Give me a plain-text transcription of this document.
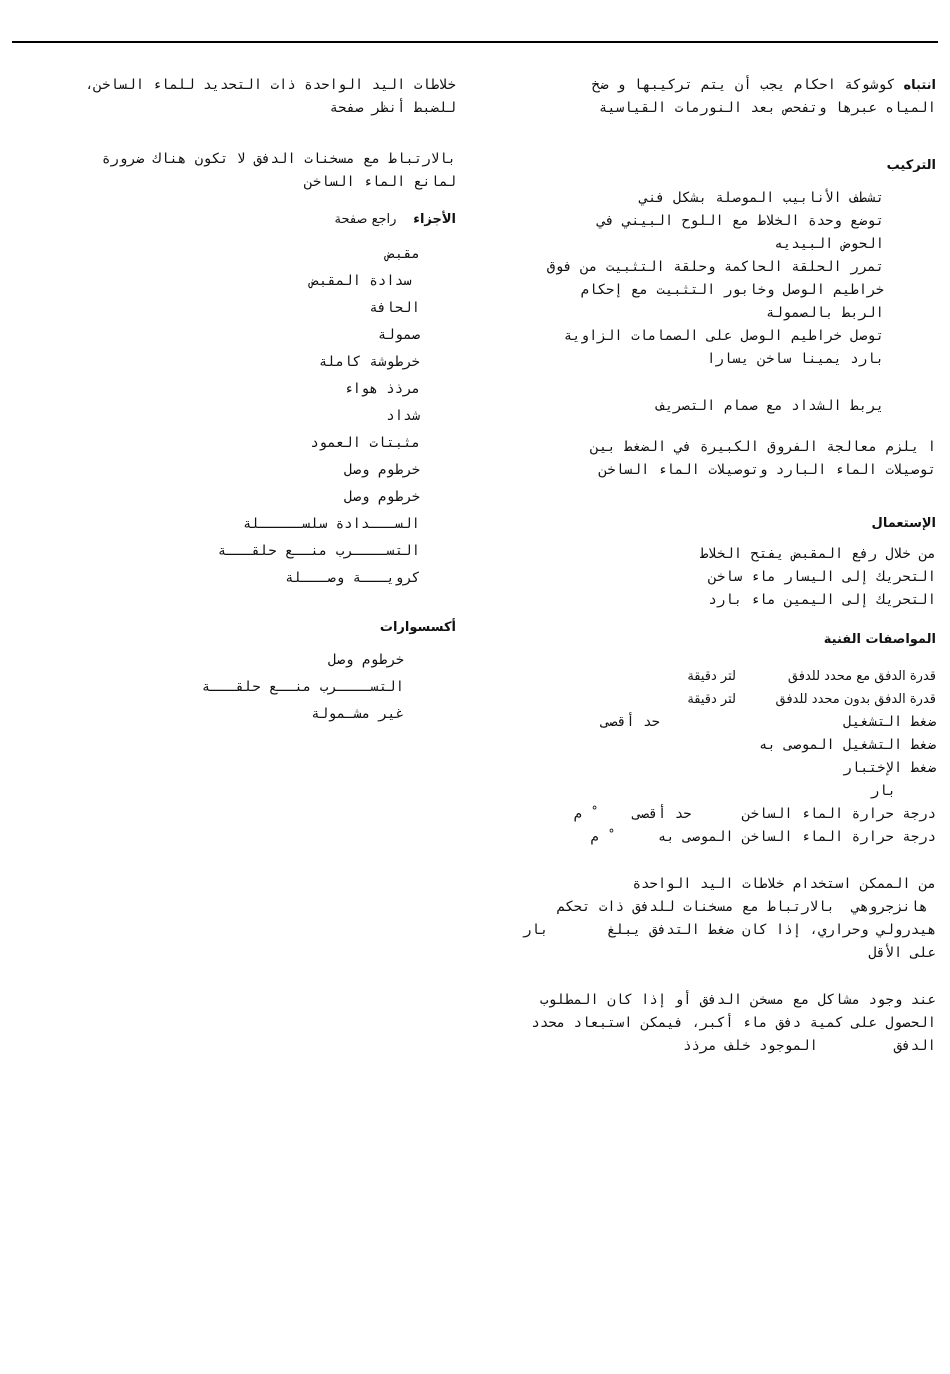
انتباه كوشوكة احكام يجب أن يتم تركيبها و ضخ

المياه عبرها وتفحص بعد النورمات القياسية

التركيب

تشطف الأنابيب الموصلة بشكل فني

توضع وحدة الخلاط مع اللوح البيني في

الحوض البيديه

تمرر الحلقة الحاكمة وحلقة التثبيت من فوق

خراطيم الوصل وخابور التثبيت مع إحكام

الربط بالصمولة

توصل خراطيم الوصل على الصمامات الزاوية

بارد يمينا ساخن يسارا

يربط الشداد مع صمام التصريف

ا يلزم معالجة الفروق الكبيرة في الضغط بين

توصيلات الماء البارد وتوصيلات الماء الساخن

الإستعمال

من خلال رفع المقبض يفتح الخلاط

التحريك إلى اليسار ماء ساخن

التحريك إلى اليمين ماء بارد

المواصفات الفنية

قدرة الدفق مع محدد للدفق
لتر دقيقة
قدرة الدفق بدون محدد للدفق
لتر دقيقة
ضغط التشغيل
حد أقصى

ضغط التشغيل الموصى به

ضغط الإختبار

بار

درجة حرارة الماء الساخن      حد أقصى     ْ م

درجة حرارة الماء الساخن الموصى به      ْ م

من الممكن استخدام خلاطات اليد الواحدة

هانزجروهي  بالارتباط مع مسخنات للدفق ذات تحكم

هيدرولي وحراري، إذا كان ضغط التدفق يبلغ       بار

على الأقل

عند وجود مشاكل مع مسخن الدفق أو إذا كان المطلوب

الحصول على كمية دفق ماء أكبر، فيمكن استبعاد محدد

الدفق         الموجود خلف مرذذ

خلاطات اليد الواحدة ذات التحديد للماء الساخن،

للضبط أنظر صفحة

بالارتباط مع مسخنات الدفق لا تكون هناك ضرورة

لمانع الماء الساخن

الأجزاء  راجع صفحة

مقبض

سدادة المقبض

الحافة

صمولة

خرطوشة كاملة

مرذذ هواء

شداد

مثبتات العمود

خرطوم وصل

خرطوم وصل

الســـدادة سلســـــلة

التســــرب منــع حلقـــة

كرويـــة وصـــلة

أكسسوارات

خرطوم وصل

التســــرب منــع حلقـــة

غير مشـمولة
